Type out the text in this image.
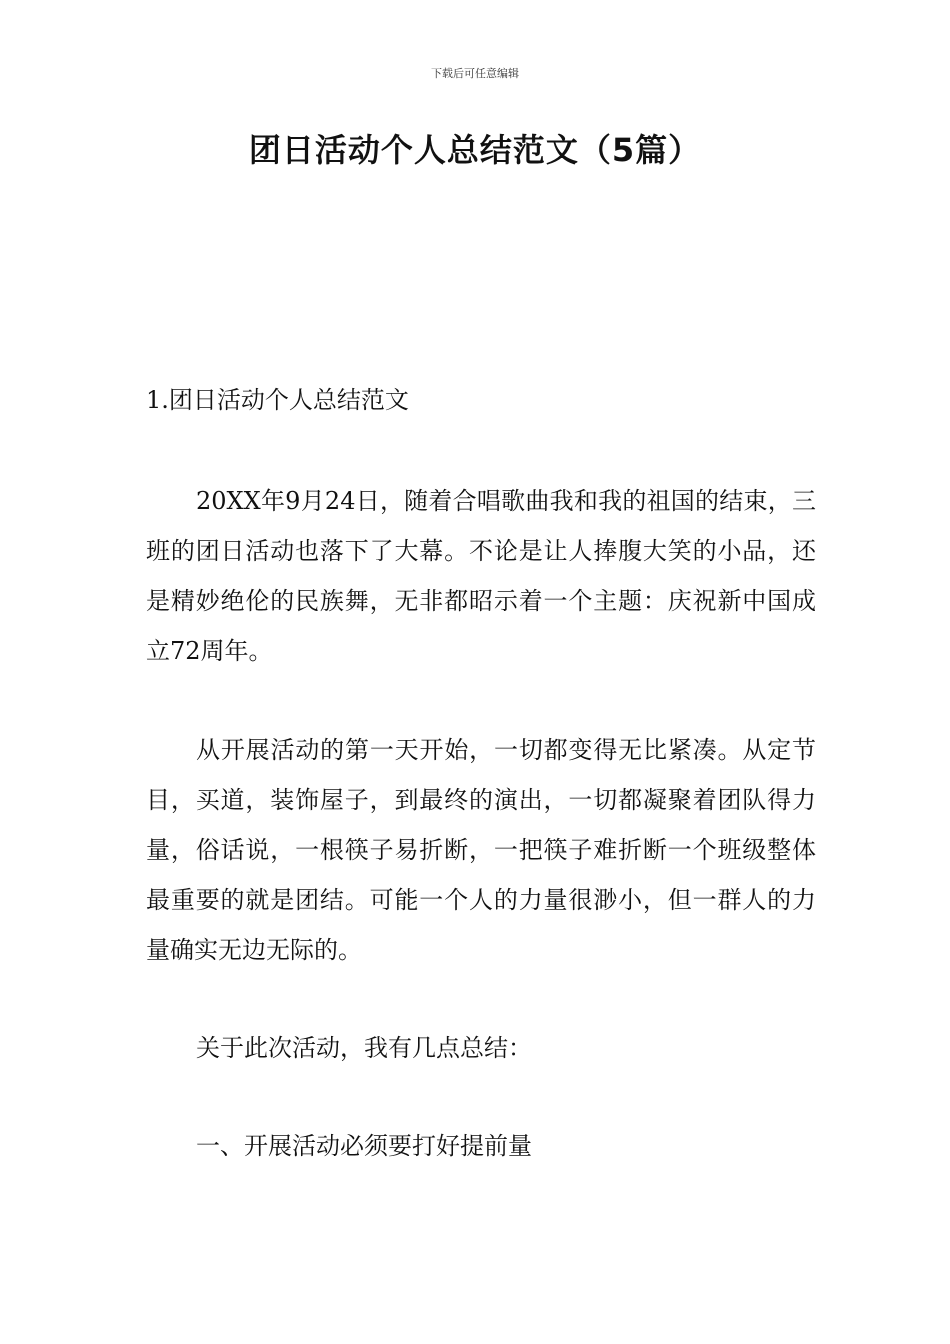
下载后可任意编辑
团日活动个人总结范文（5篇）
1.团日活动个人总结范文

20XX年9月24日，随着合唱歌曲我和我的祖国的结束，三班的团日活动也落下了大幕。不论是让人捧腹大笑的小品，还是精妙绝伦的民族舞，无非都昭示着一个主题：庆祝新中国成立72周年。

从开展活动的第一天开始，一切都变得无比紧凑。从定节目，买道，装饰屋子，到最终的演出，一切都凝聚着团队得力量，俗话说，一根筷子易折断，一把筷子难折断一个班级整体最重要的就是团结。可能一个人的力量很渺小，但一群人的力量确实无边无际的。

关于此次活动，我有几点总结：

一、开展活动必须要打好提前量
